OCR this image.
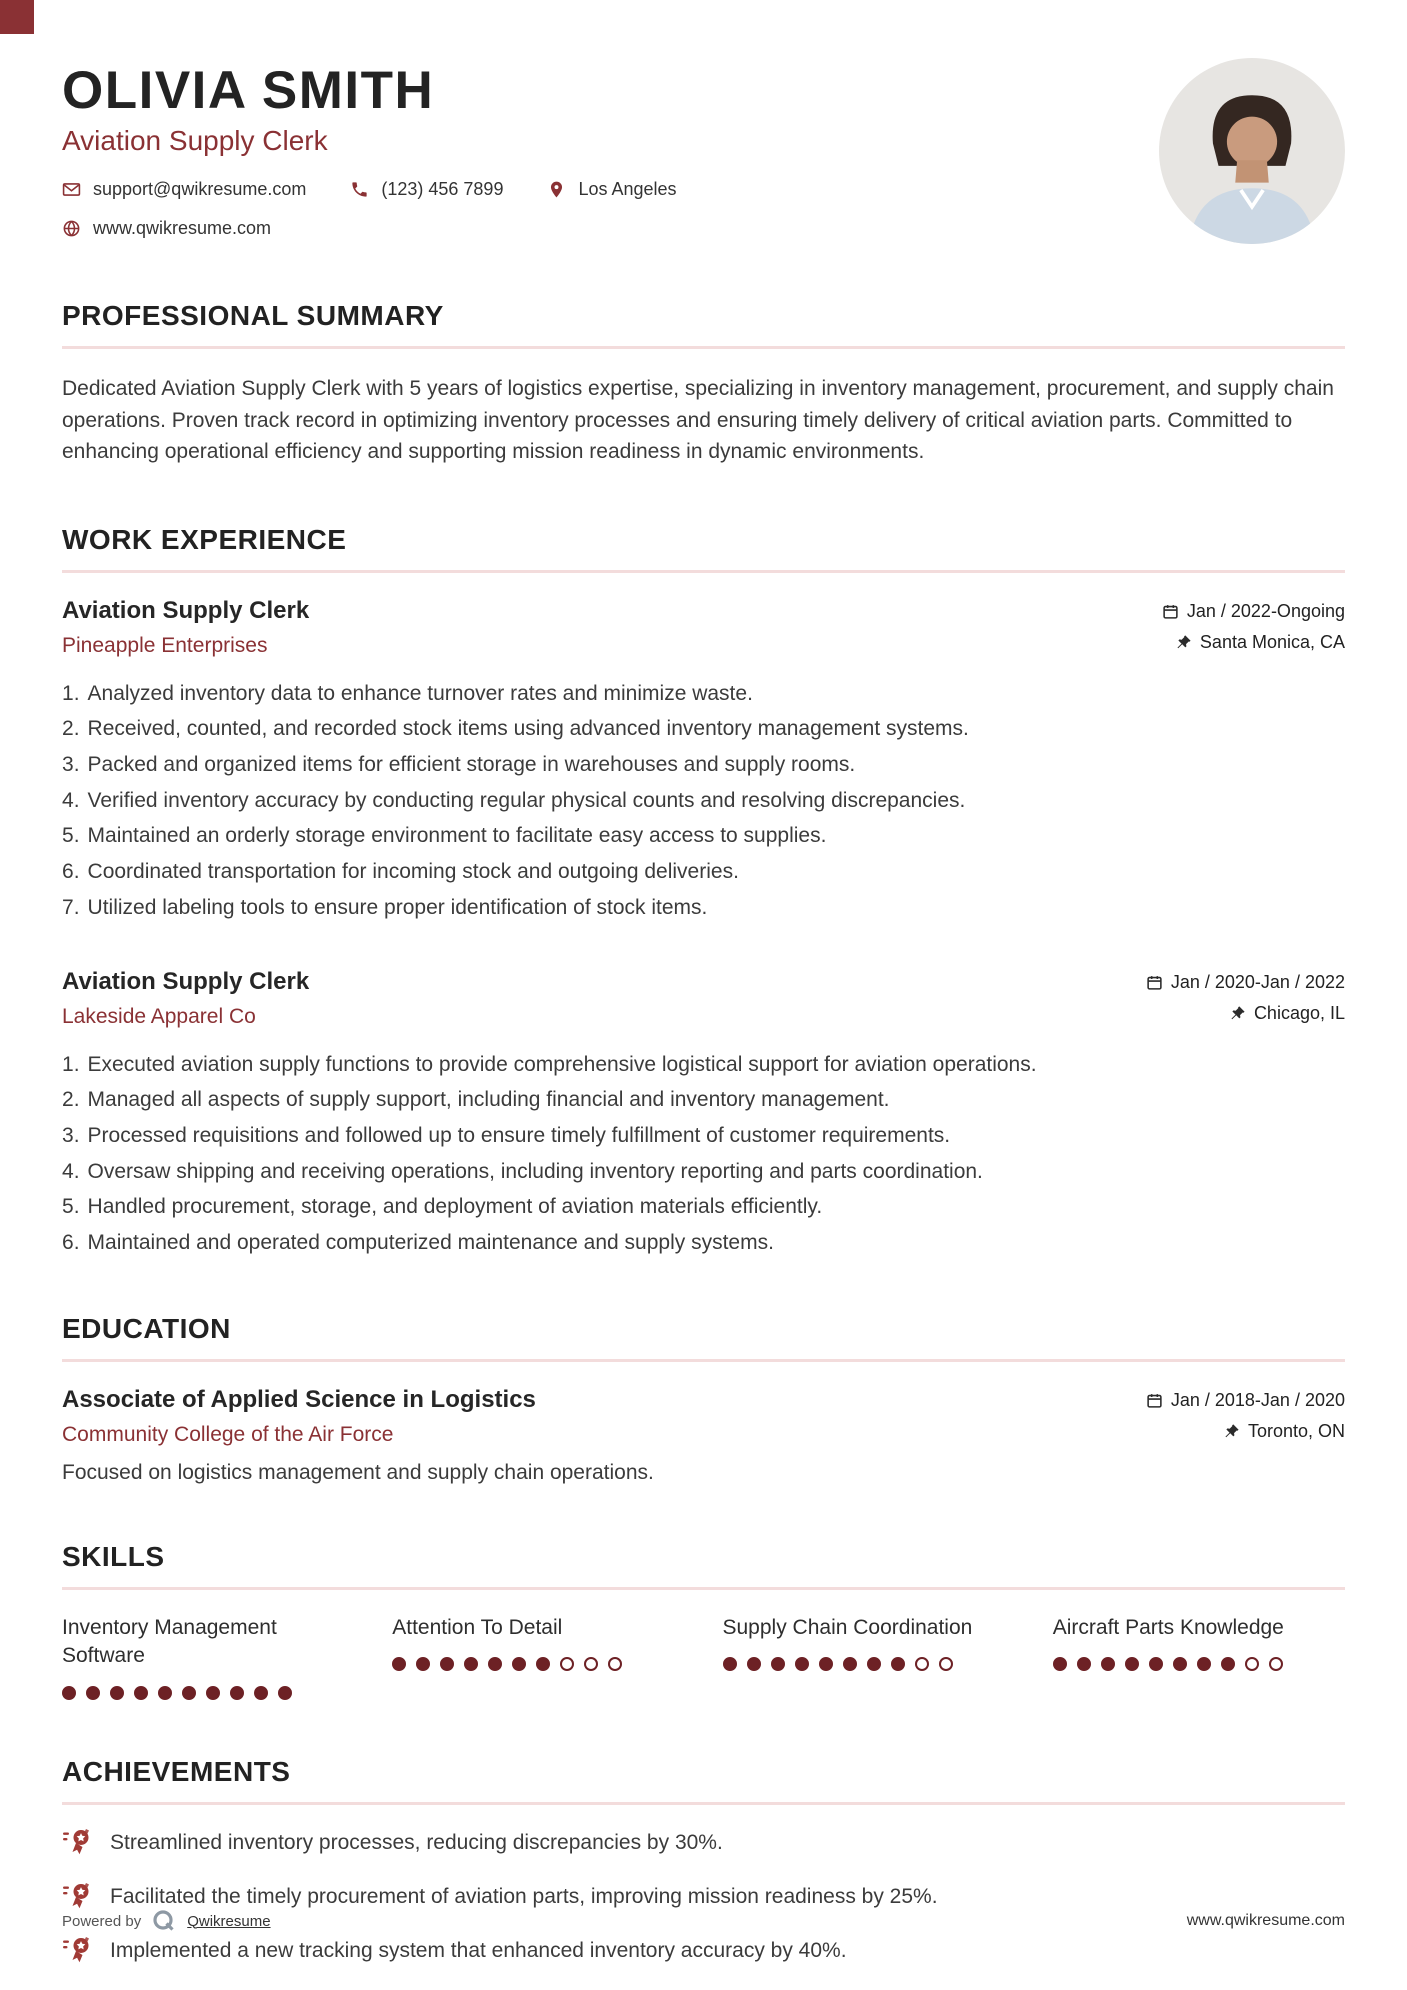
OLIVIA SMITH
Aviation Supply Clerk
support@qwikresume.com	(123) 456 7899	Los Angeles
www.qwikresume.com
PROFESSIONAL SUMMARY

Dedicated Aviation Supply Clerk with 5 years of logistics expertise, specializing in inventory management, procurement, and supply chain operations. Proven track record in optimizing inventory processes and ensuring timely delivery of critical aviation parts. Committed to enhancing operational efficiency and supporting mission readiness in dynamic environments.

WORK EXPERIENCE
Aviation Supply Clerk
Pineapple Enterprises
Jan / 2022-Ongoing
Santa Monica, CA
Analyzed inventory data to enhance turnover rates and minimize waste.
Received, counted, and recorded stock items using advanced inventory management systems.
Packed and organized items for efficient storage in warehouses and supply rooms.
Verified inventory accuracy by conducting regular physical counts and resolving discrepancies.
Maintained an orderly storage environment to facilitate easy access to supplies.
Coordinated transportation for incoming stock and outgoing deliveries.
Utilized labeling tools to ensure proper identification of stock items.
Aviation Supply Clerk
Lakeside Apparel Co
Jan / 2020-Jan / 2022
Chicago, IL
Executed aviation supply functions to provide comprehensive logistical support for aviation operations.
Managed all aspects of supply support, including financial and inventory management.
Processed requisitions and followed up to ensure timely fulfillment of customer requirements.
Oversaw shipping and receiving operations, including inventory reporting and parts coordination.
Handled procurement, storage, and deployment of aviation materials efficiently.
Maintained and operated computerized maintenance and supply systems.
EDUCATION
Associate of Applied Science in Logistics
Community College of the Air Force
Jan / 2018-Jan / 2020
Toronto, ON

Focused on logistics management and supply chain operations.

SKILLS
Inventory Management Software
Attention To Detail	Supply Chain Coordination	Aircraft Parts Knowledge
ACHIEVEMENTS
Streamlined inventory processes, reducing discrepancies by 30%.
Facilitated the timely procurement of aviation parts, improving mission readiness by 25%.
Implemented a new tracking system that enhanced inventory accuracy by 40%.
Powered by	Qwikresume	www.qwikresume.com
